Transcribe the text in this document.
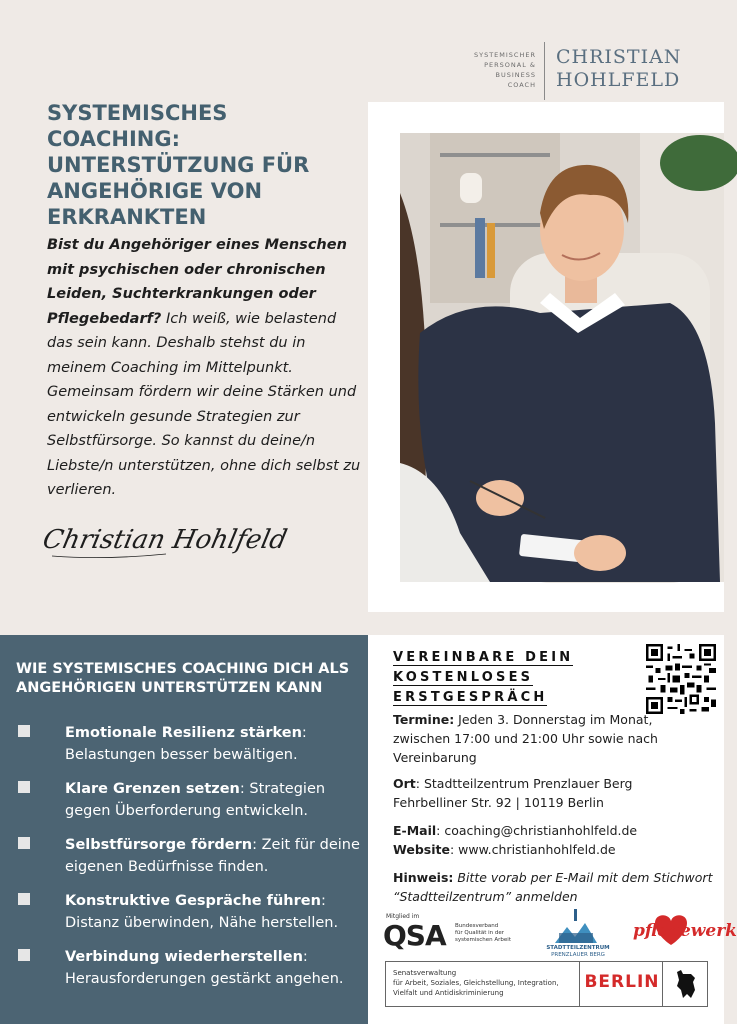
SYSTEMISCHER
PERSONAL &
BUSINESS
COACH
CHRISTIAN
HOHLFELD
SYSTEMISCHES COACHING:
UNTERSTÜTZUNG FÜR
ANGEHÖRIGE VON
ERKRANKTEN

Bist du Angehöriger eines Menschen mit psychischen oder chronischen Leiden, Suchterkrankungen oder Pflegebedarf? Ich weiß, wie belastend das sein kann. Deshalb stehst du in meinem Coaching im Mittelpunkt. Gemeinsam fördern wir deine Stärken und entwickeln gesunde Strategien zur Selbstfürsorge. So kannst du deine/n Liebste/n unterstützen, ohne dich selbst zu verlieren.

Christian Hohlfeld
WIE SYSTEMISCHES COACHING DICH ALS
ANGEHÖRIGEN UNTERSTÜTZEN KANN
Emotionale Resilienz stärken: Belastungen besser bewältigen.
Klare Grenzen setzen: Strategien gegen Überforderung entwickeln.
Selbstfürsorge fördern: Zeit für deine eigenen Bedürfnisse finden.
Konstruktive Gespräche führen: Distanz überwinden, Nähe herstellen.
Verbindung wiederherstellen: Herausforderungen gestärkt angehen.
VEREINBARE DEIN
KOSTENLOSES
ERSTGESPRÄCH

Termine: Jeden 3. Donnerstag im Monat, zwischen 17:00 und 21:00 Uhr sowie nach Vereinbarung

Ort: Stadtteilzentrum Prenzlauer Berg
Fehrbelliner Str. 92 | 10119 Berlin

E-Mail: coaching@christianhohlfeld.de
Website: www.christianhohlfeld.de

Hinweis: Bitte vorab per E-Mail mit dem Stichwort “Stadtteilzentrum” anmelden

Mitglied im
QSA Bundesverband
für Qualität in der
systemischen Arbeit
STADTTEILZENTRUM
PRENZLAUER BERG
pflegewerk
Senatsverwaltung
für Arbeit, Soziales, Gleichstellung, Integration,
Vielfalt und Antidiskriminierung
BERLIN
